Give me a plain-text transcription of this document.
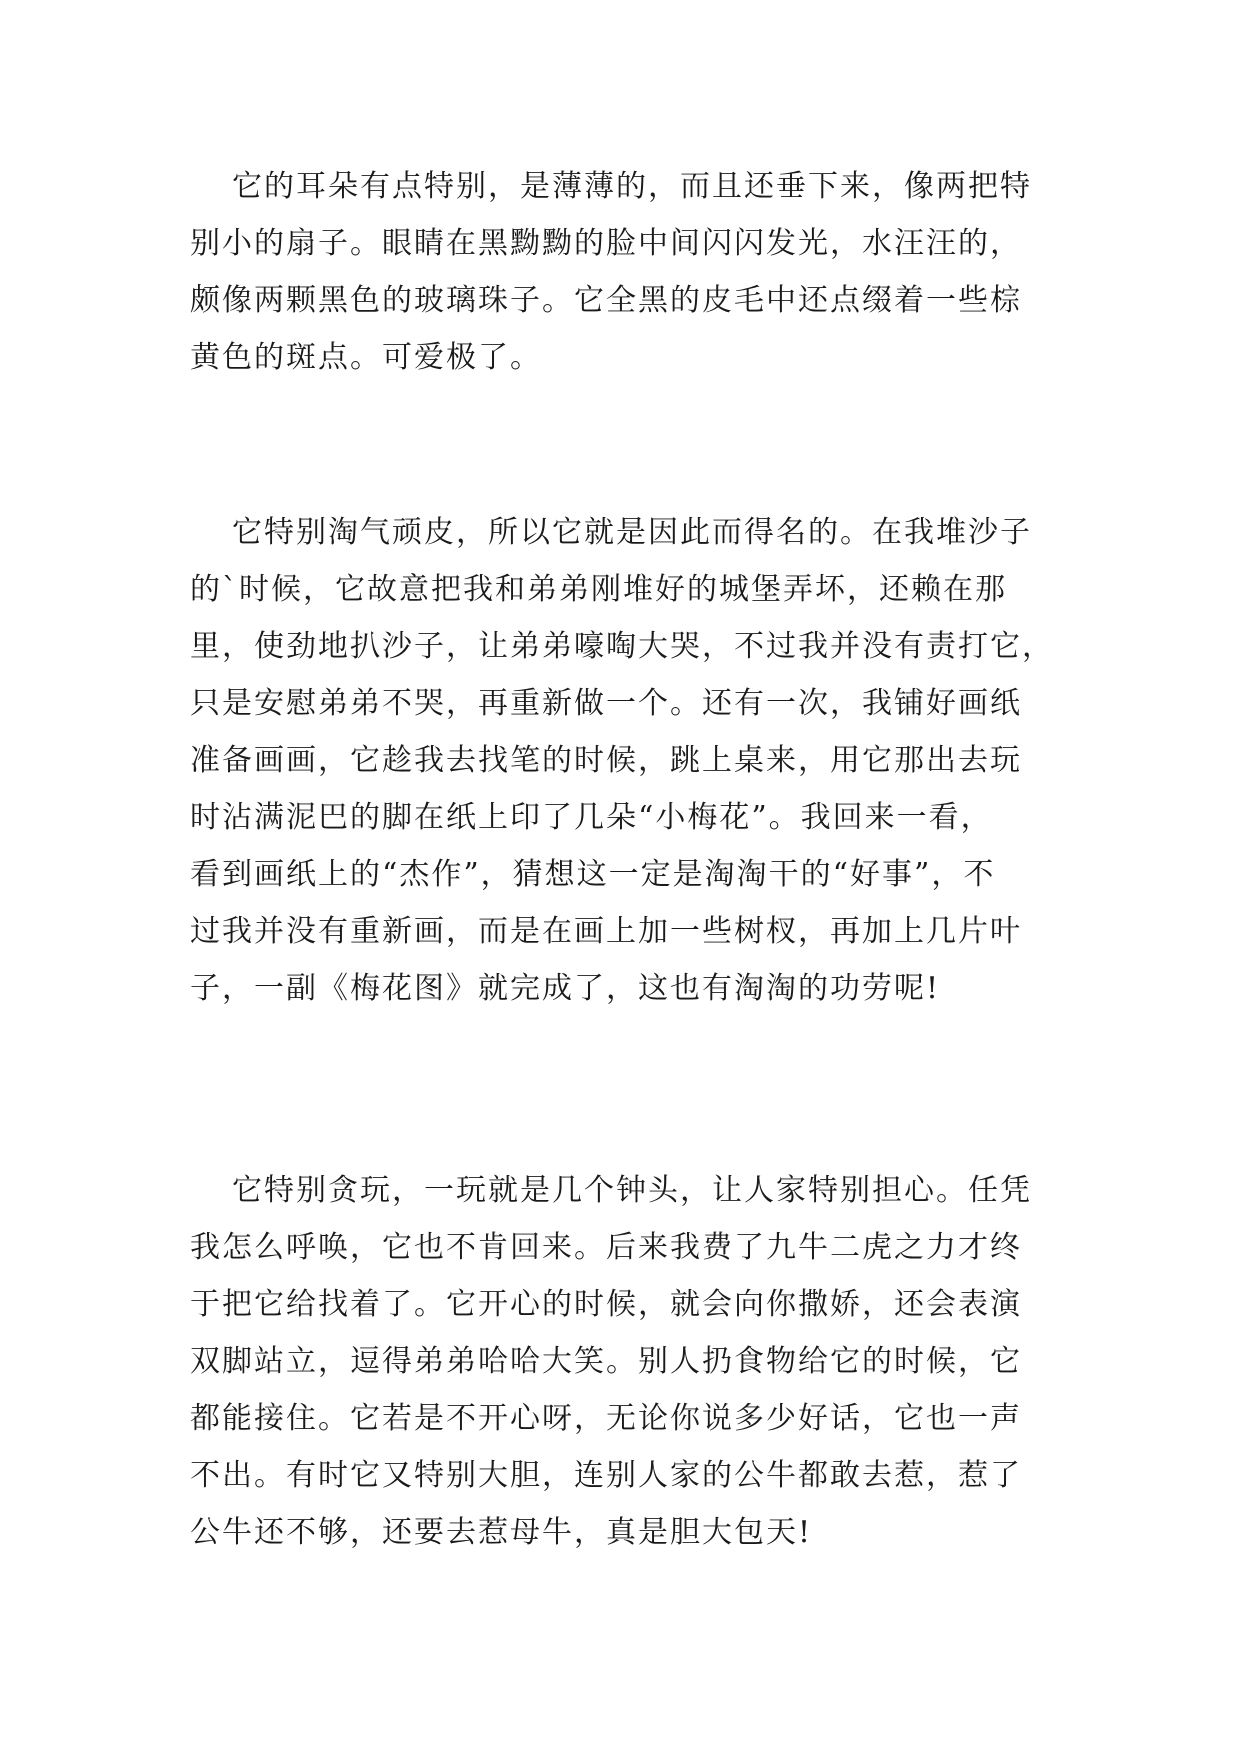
它的耳朵有点特别，是薄薄的，而且还垂下来，像两把特
别小的扇子。眼睛在黑黝黝的脸中间闪闪发光，水汪汪的，
颇像两颗黑色的玻璃珠子。它全黑的皮毛中还点缀着一些棕
黄色的斑点。可爱极了。
它特别淘气顽皮，所以它就是因此而得名的。在我堆沙子
的`时候，它故意把我和弟弟刚堆好的城堡弄坏，还赖在那
里，使劲地扒沙子，让弟弟嚎啕大哭，不过我并没有责打它，
只是安慰弟弟不哭，再重新做一个。还有一次，我铺好画纸
准备画画，它趁我去找笔的时候，跳上桌来，用它那出去玩
时沾满泥巴的脚在纸上印了几朵“小梅花”。我回来一看，
看到画纸上的“杰作”，猜想这一定是淘淘干的“好事”，不
过我并没有重新画，而是在画上加一些树杈，再加上几片叶
子，一副《梅花图》就完成了，这也有淘淘的功劳呢!
它特别贪玩，一玩就是几个钟头，让人家特别担心。任凭
我怎么呼唤，它也不肯回来。后来我费了九牛二虎之力才终
于把它给找着了。它开心的时候，就会向你撒娇，还会表演
双脚站立，逗得弟弟哈哈大笑。别人扔食物给它的时候，它
都能接住。它若是不开心呀，无论你说多少好话，它也一声
不出。有时它又特别大胆，连别人家的公牛都敢去惹，惹了
公牛还不够，还要去惹母牛，真是胆大包天!
